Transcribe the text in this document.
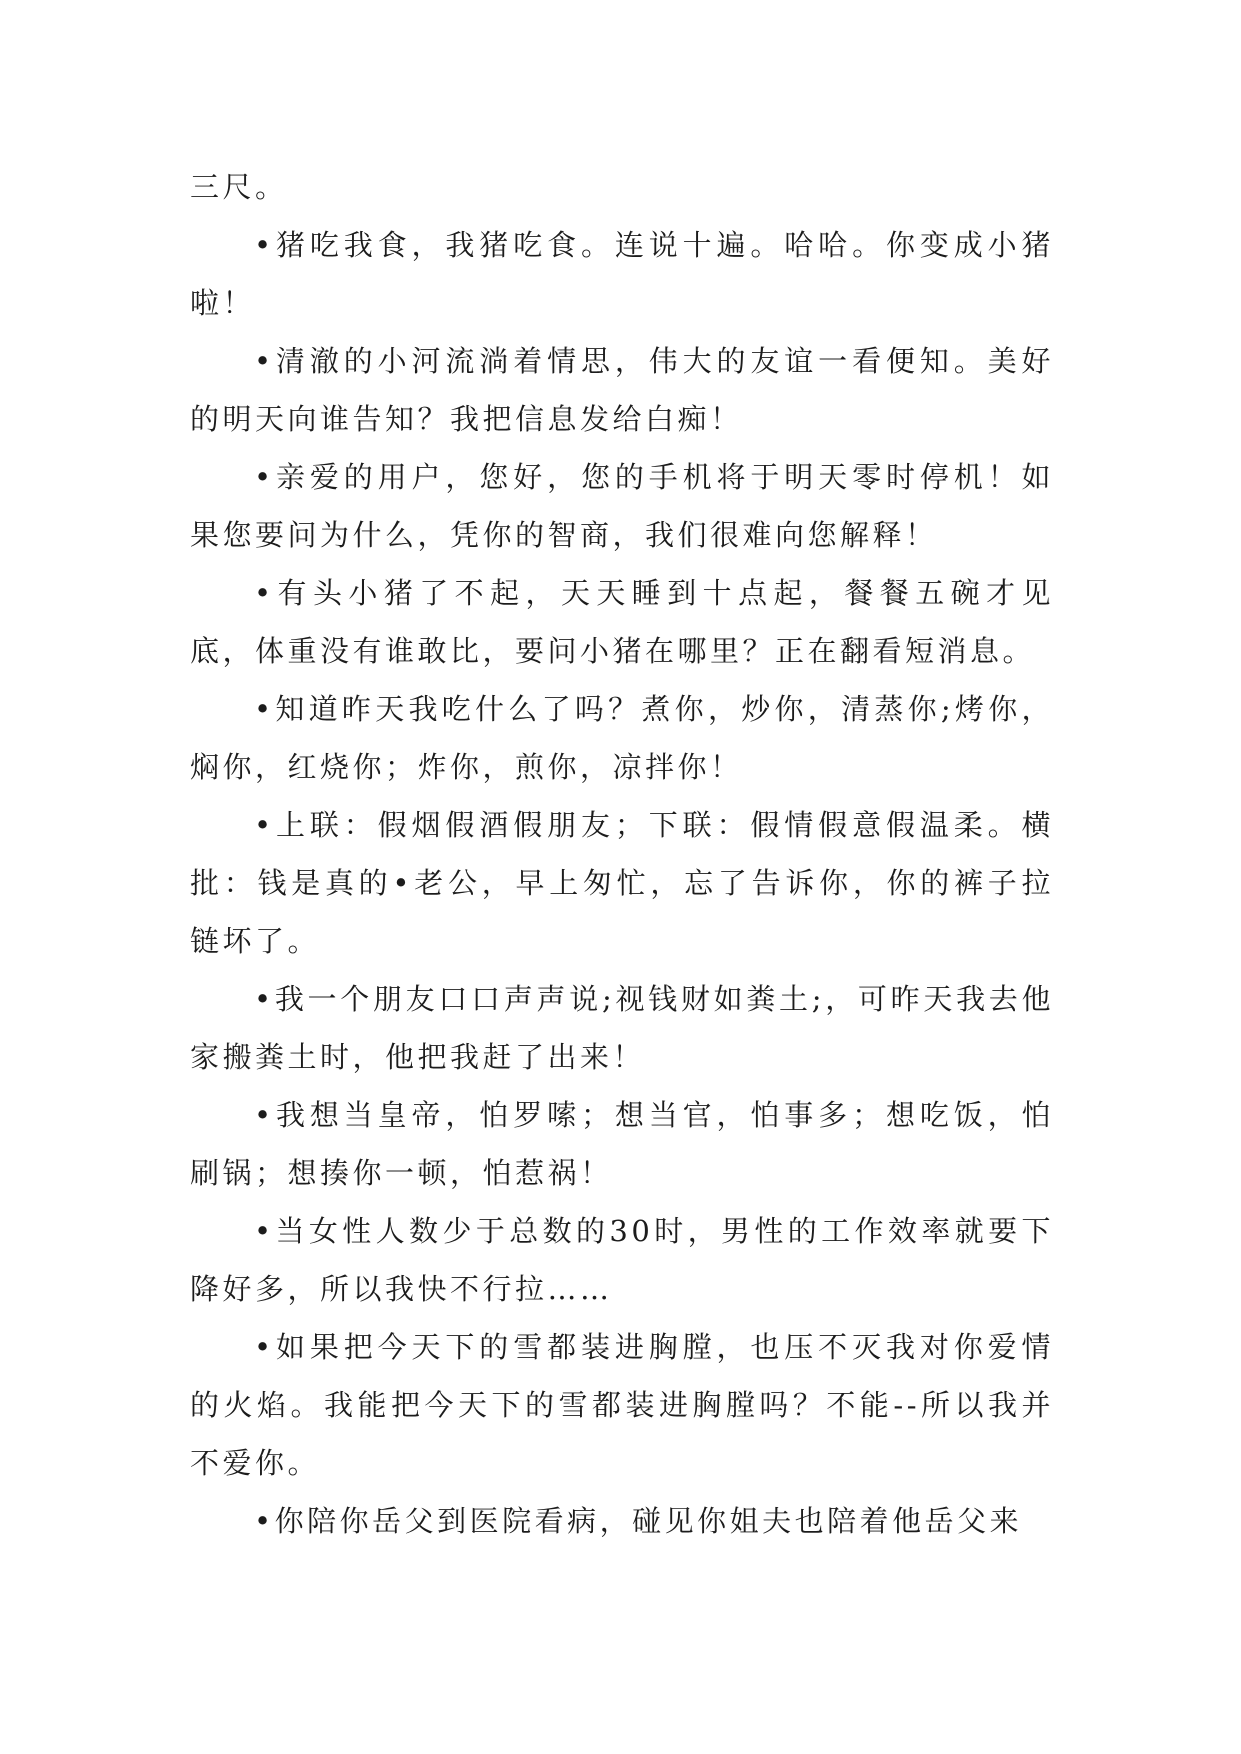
三尺。

•猪吃我食，我猪吃食。连说十遍。哈哈。你变成小猪啦！

•清澈的小河流淌着情思，伟大的友谊一看便知。美好的明天向谁告知？我把信息发给白痴！

•亲爱的用户，您好，您的手机将于明天零时停机！如果您要问为什么，凭你的智商，我们很难向您解释！

•有头小猪了不起，天天睡到十点起，餐餐五碗才见底，体重没有谁敢比，要问小猪在哪里？正在翻看短消息。

•知道昨天我吃什么了吗？煮你，炒你，清蒸你;烤你，焖你，红烧你；炸你，煎你，凉拌你！

•上联：假烟假酒假朋友；下联：假情假意假温柔。横批：钱是真的•老公，早上匆忙，忘了告诉你，你的裤子拉链坏了。

•我一个朋友口口声声说;视钱财如粪土;，可昨天我去他家搬粪土时，他把我赶了出来！

•我想当皇帝，怕罗嗦；想当官，怕事多；想吃饭，怕刷锅；想揍你一顿，怕惹祸！

•当女性人数少于总数的30时，男性的工作效率就要下降好多，所以我快不行拉……

•如果把今天下的雪都装进胸膛，也压不灭我对你爱情的火焰。我能把今天下的雪都装进胸膛吗？不能--所以我并不爱你。

•你陪你岳父到医院看病，碰见你姐夫也陪着他岳父来
